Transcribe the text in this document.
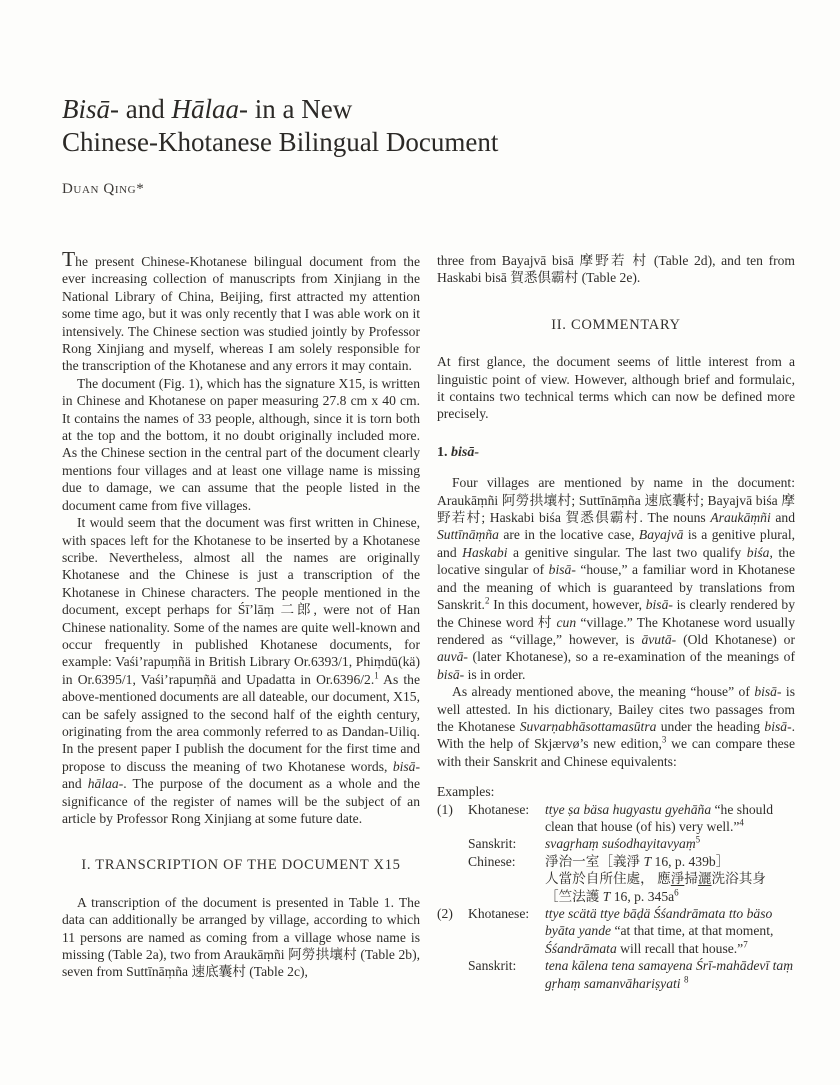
Bisā- and Hālaa- in a New
Chinese-Khotanese Bilingual Document
Duan Qing*

The present Chinese-Khotanese bilingual document from the ever increasing collection of manuscripts from Xinjiang in the National Library of China, Beijing, first attracted my attention some time ago, but it was only recently that I was able work on it intensively. The Chinese section was studied jointly by Professor Rong Xinjiang and myself, whereas I am solely responsible for the transcription of the Khotanese and any errors it may contain.

The document (Fig. 1), which has the signature X15, is written in Chinese and Khotanese on paper measuring 27.8 cm x 40 cm. It contains the names of 33 people, although, since it is torn both at the top and the bottom, it no doubt originally included more. As the Chinese section in the central part of the document clearly mentions four villages and at least one village name is missing due to damage, we can assume that the people listed in the document came from five villages.

It would seem that the document was first written in Chinese, with spaces left for the Khotanese to be inserted by a Khotanese scribe. Nevertheless, almost all the names are originally Khotanese and the Chinese is just a transcription of the Khotanese in Chinese characters. The people mentioned in the document, except perhaps for Śī’lāṃ 二郎, were not of Han Chinese nationality. Some of the names are quite well-known and occur frequently in published Khotanese documents, for example: Vaśi’rapuṃñä in British Library Or.6393/1, Phiṃdū(kä) in Or.6395/1, Vaśi’rapuṃñä and Upadatta in Or.6396/2.$^1$ As the above-mentioned documents are all dateable, our document, X15, can be safely assigned to the second half of the eighth century, originating from the area commonly referred to as Dandan-Uiliq. In the present paper I publish the document for the first time and propose to discuss the meaning of two Khotanese words, bisā- and hālaa-. The purpose of the document as a whole and the significance of the register of names will be the subject of an article by Professor Rong Xinjiang at some future date.

I. TRANSCRIPTION OF THE DOCUMENT X15

A transcription of the document is presented in Table 1. The data can additionally be arranged by village, according to which 11 persons are named as coming from a village whose name is missing (Table 2a), two from Araukāṃñi 阿勞拱壤村 (Table 2b), seven from Suttīnāṃña 速底囊村 (Table 2c),

three from Bayajvā bisā 摩野若 村 (Table 2d), and ten from Haskabi bisā 賀悉倶霸村 (Table 2e).

II. COMMENTARY

At first glance, the document seems of little interest from a linguistic point of view. However, although brief and formulaic, it contains two technical terms which can now be defined more precisely.

1. bisā-

Four villages are mentioned by name in the document: Araukāṃñi 阿勞拱壤村; Suttīnāṃña 速底囊村; Bayajvā biśa 摩野若村; Haskabi biśa 賀悉倶霸村. The nouns Araukāṃñi and Suttīnāṃña are in the locative case, Bayajvā is a genitive plural, and Haskabi a genitive singular. The last two qualify biśa, the locative singular of bisā- “house,” a familiar word in Khotanese and the meaning of which is guaranteed by translations from Sanskrit.$^2$ In this document, however, bisā- is clearly rendered by the Chinese word 村 cun “village.” The Khotanese word usually rendered as “village,” however, is āvutā- (Old Khotanese) or auvā- (later Khotanese), so a re-examination of the meanings of bisā- is in order.

As already mentioned above, the meaning “house” of bisā- is well attested. In his dictionary, Bailey cites two passages from the Khotanese Suvarṇabhāsottamasūtra under the heading bisā-. With the help of Skjærvø’s new edition,$^3$ we can compare these with their Sanskrit and Chinese equivalents:

Examples:

(1)	Khotanese:	ttye ṣa bäsa hugyastu gyehāña “he should clean that house (of his) very well.”$^4$
Sanskrit:	svagṛhaṃ suśodhayitavyaṃ$^5$
Chinese:	淨治一室［義淨 T 16, p. 439b］
人當於自所住處， 應淨掃灑洗浴其身
［竺法護 T 16, p. $345a^6$
(2)	Khotanese:	ttye scätä ttye bāḍä Śśandrāmata tto bäso byāta yande “at that time, at that moment, Śśandrāmata will recall that house.”$^7$
Sanskrit:	tena kālena tena samayena Śrī-mahādevī taṃ gṛhaṃ samanvāhariṣyati $^8$
